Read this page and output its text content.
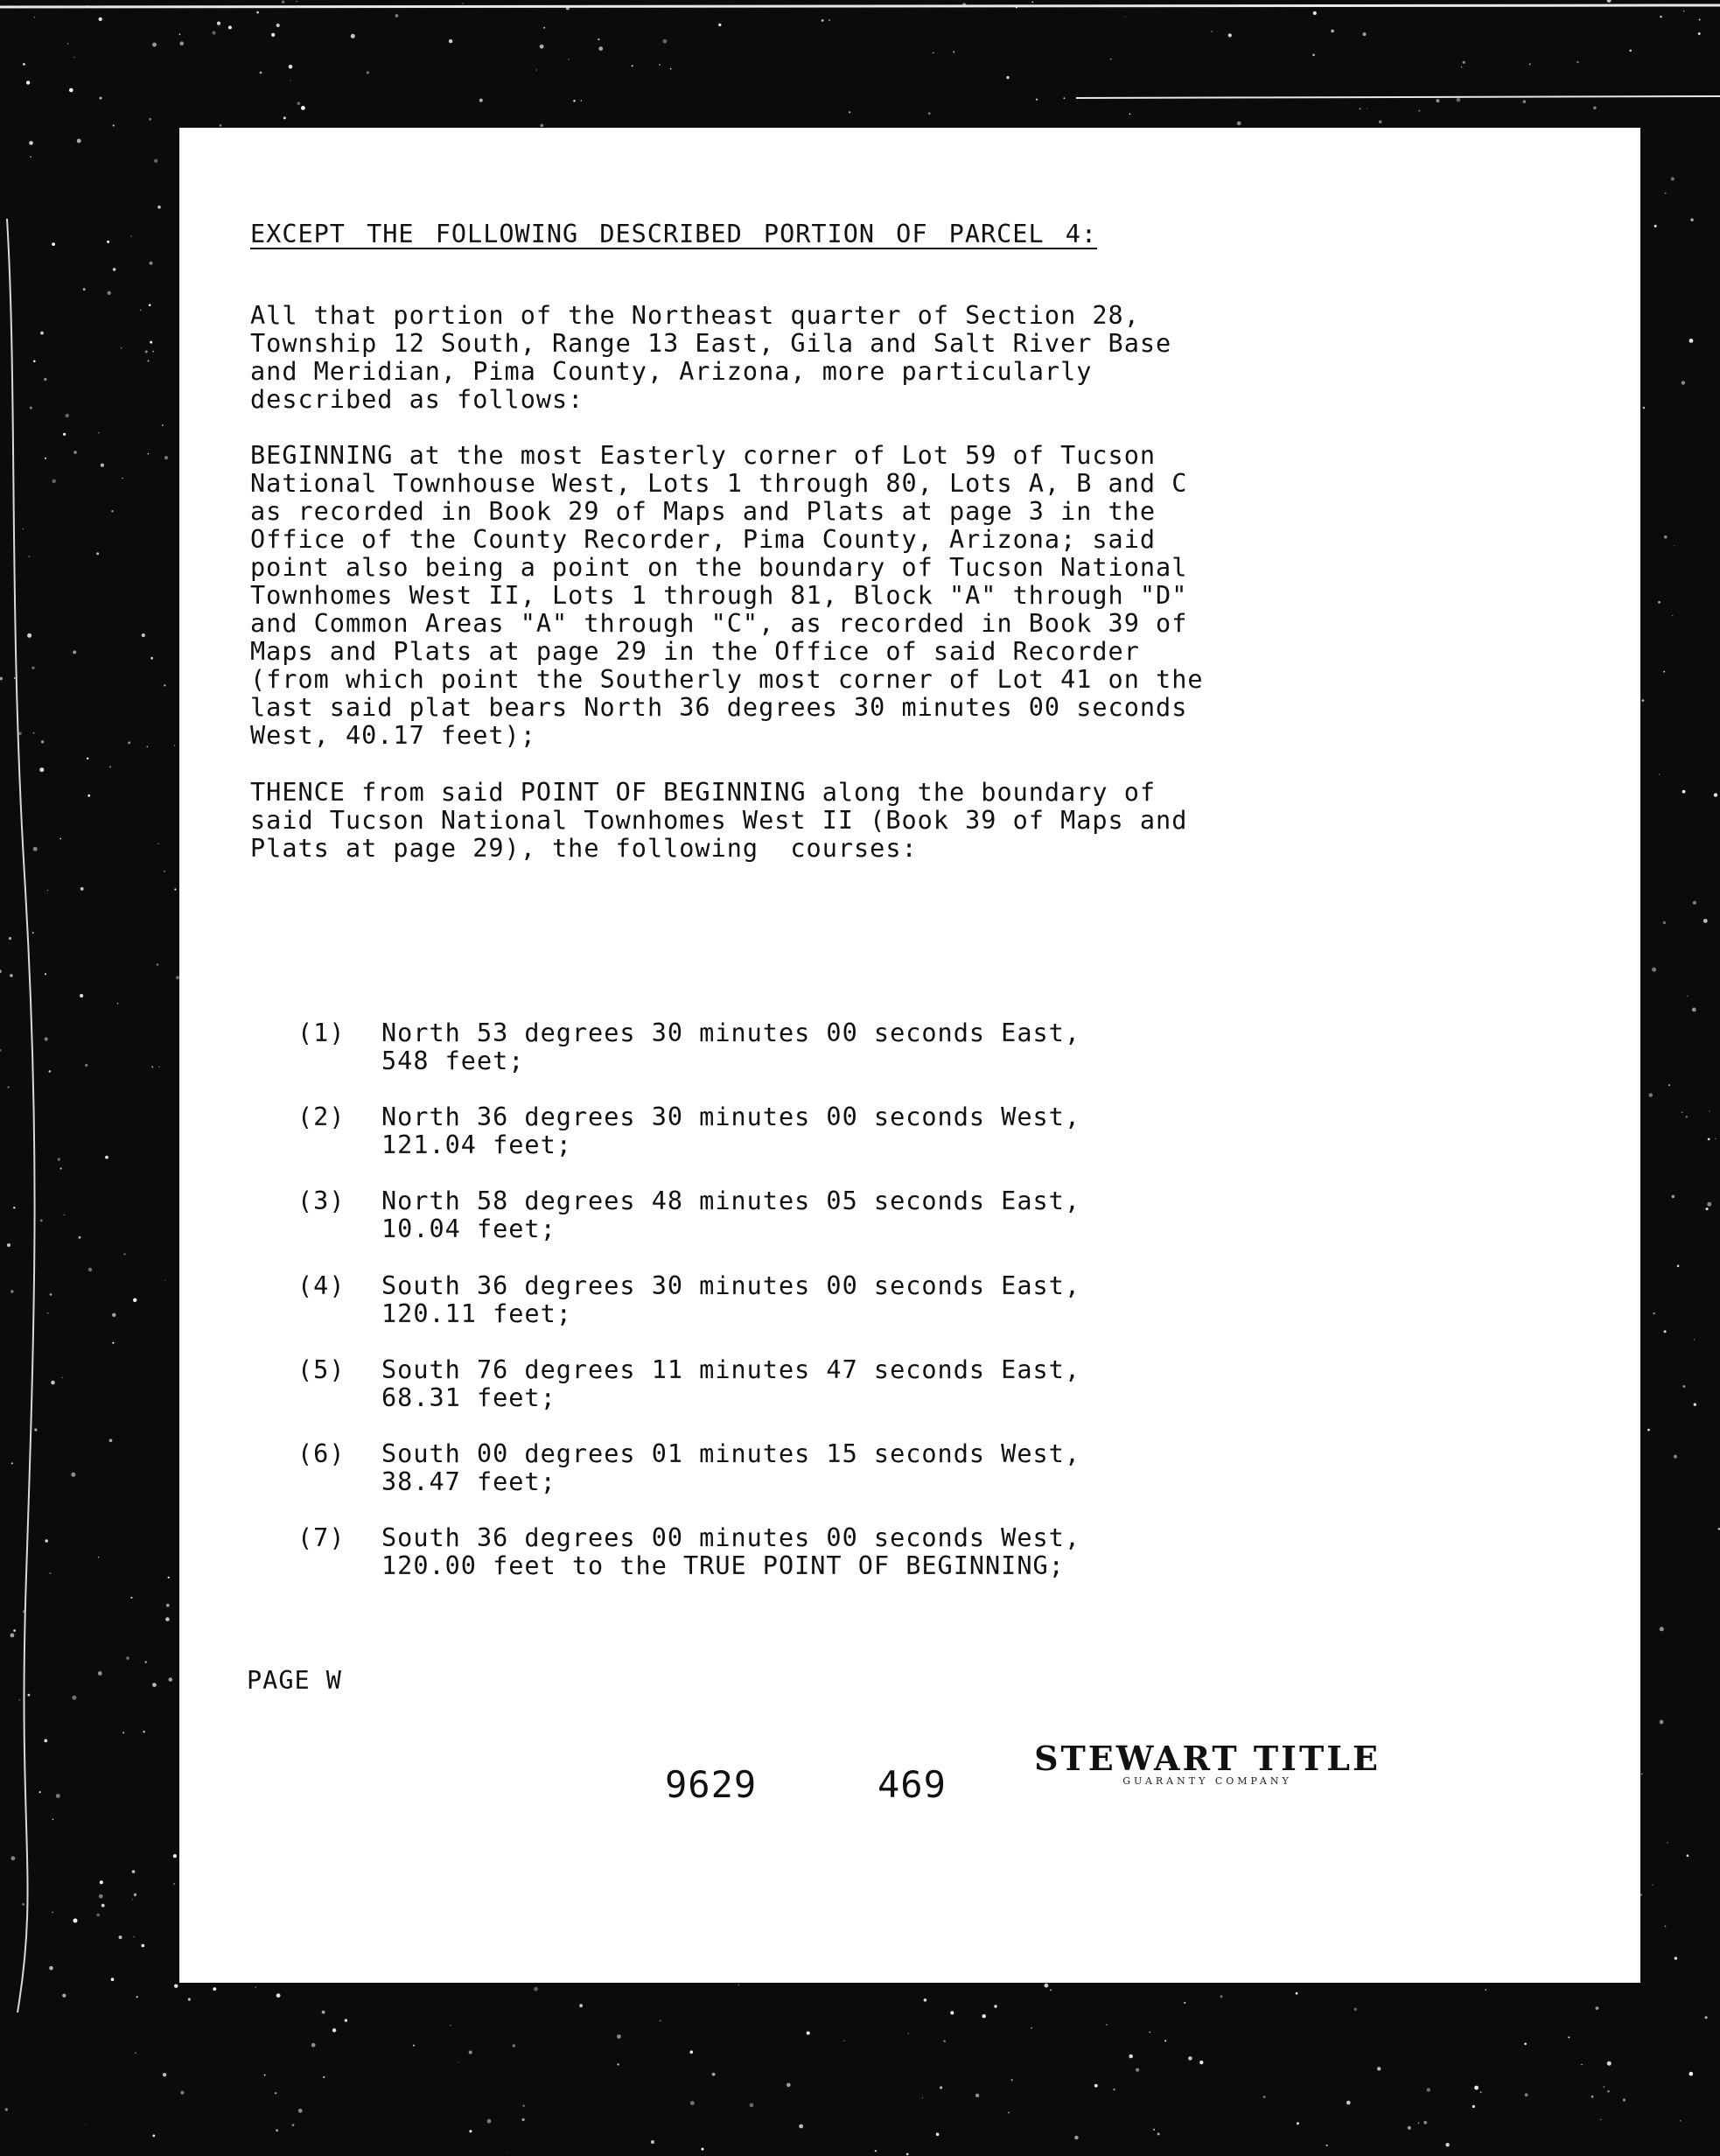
EXCEPT THE FOLLOWING DESCRIBED PORTION OF PARCEL 4:
All that portion of the Northeast quarter of Section 28,
Township 12 South, Range 13 East, Gila and Salt River Base
and Meridian, Pima County, Arizona, more particularly
described as follows:
BEGINNING at the most Easterly corner of Lot 59 of Tucson
National Townhouse West, Lots 1 through 80, Lots A, B and C
as recorded in Book 29 of Maps and Plats at page 3 in the
Office of the County Recorder, Pima County, Arizona; said
point also being a point on the boundary of Tucson National
Townhomes West II, Lots 1 through 81, Block "A" through "D"
and Common Areas "A" through "C", as recorded in Book 39 of
Maps and Plats at page 29 in the Office of said Recorder
(from which point the Southerly most corner of Lot 41 on the
last said plat bears North 36 degrees 30 minutes 00 seconds
West, 40.17 feet);
THENCE from said POINT OF BEGINNING along the boundary of
said Tucson National Townhomes West II (Book 39 of Maps and
Plats at page 29), the following  courses:
(1) North 53 degrees 30 minutes 00 seconds East,
548 feet;
(2) North 36 degrees 30 minutes 00 seconds West,
121.04 feet;
(3) North 58 degrees 48 minutes 05 seconds East,
10.04 feet;
(4) South 36 degrees 30 minutes 00 seconds East,
120.11 feet;
(5) South 76 degrees 11 minutes 47 seconds East,
68.31 feet;
(6) South 00 degrees 01 minutes 15 seconds West,
38.47 feet;
(7) South 36 degrees 00 minutes 00 seconds West,
120.00 feet to the TRUE POINT OF BEGINNING;
PAGE W
9629	469
STEWART TITLE
GUARANTY COMPANY
